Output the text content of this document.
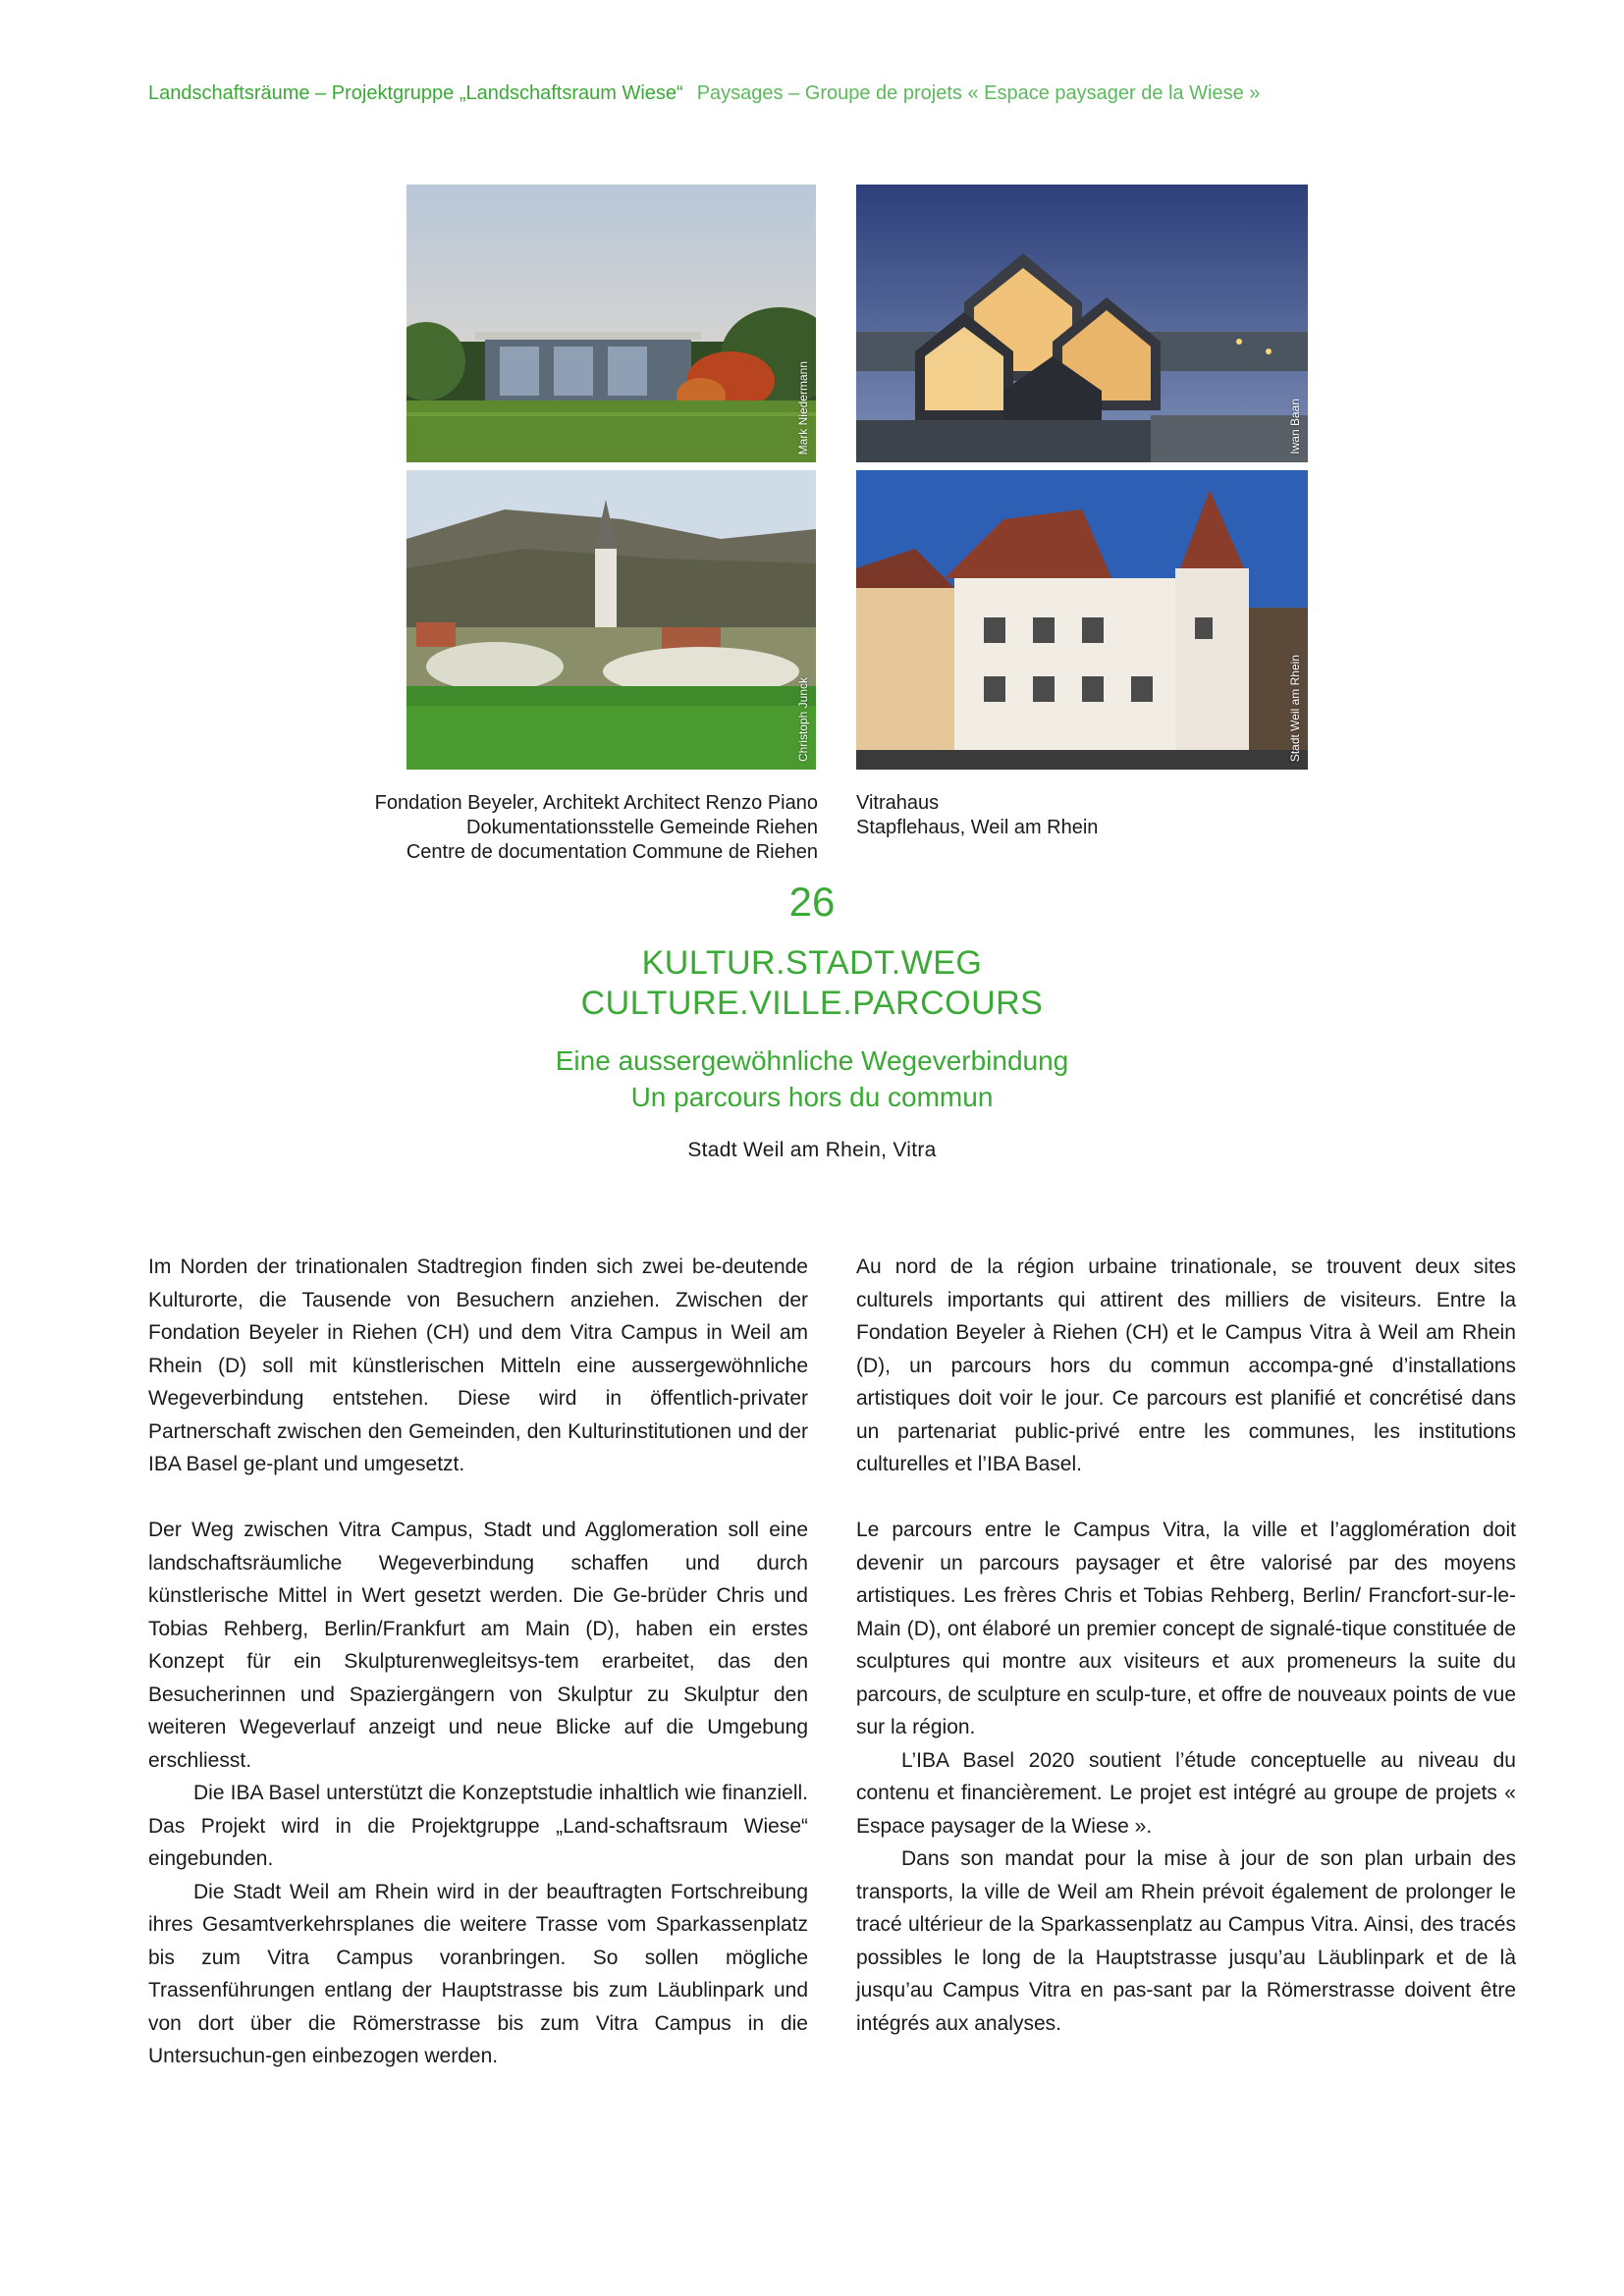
Landschaftsräume – Projektgruppe „Landschaftsraum Wiese“ Paysages – Groupe de projets « Espace paysager de la Wiese »
Mark Niedermann	Iwan Baan
Christoph Junck	Stadt Weil am Rhein
Fondation Beyeler, Architekt Architect Renzo Piano
Dokumentationsstelle Gemeinde Riehen
Centre de documentation Commune de Riehen
Vitrahaus
Stapflehaus, Weil am Rhein
26
KULTUR.STADT.WEG
CULTURE.VILLE.PARCOURS
Eine aussergewöhnliche Wegeverbindung
Un parcours hors du commun
Stadt Weil am Rhein, Vitra

Im Norden der trinationalen Stadtregion finden sich zwei be-deutende Kulturorte, die Tausende von Besuchern anziehen. Zwischen der Fondation Beyeler in Riehen (CH) und dem Vitra Campus in Weil am Rhein (D) soll mit künstlerischen Mitteln eine aussergewöhnliche Wegeverbindung entstehen. Diese wird in öffentlich-privater Partnerschaft zwischen den Gemeinden, den Kulturinstitutionen und der IBA Basel ge-plant und umgesetzt.

Der Weg zwischen Vitra Campus, Stadt und Agglomeration soll eine landschaftsräumliche Wegeverbindung schaffen und durch künstlerische Mittel in Wert gesetzt werden. Die Ge-brüder Chris und Tobias Rehberg, Berlin/Frankfurt am Main (D), haben ein erstes Konzept für ein Skulpturenwegleitsys-tem erarbeitet, das den Besucherinnen und Spaziergängern von Skulptur zu Skulptur den weiteren Wegeverlauf anzeigt und neue Blicke auf die Umgebung erschliesst.

Die IBA Basel unterstützt die Konzeptstudie inhaltlich wie finanziell. Das Projekt wird in die Projektgruppe „Land-schaftsraum Wiese“ eingebunden.

Die Stadt Weil am Rhein wird in der beauftragten Fortschreibung ihres Gesamtverkehrsplanes die weitere Trasse vom Sparkassenplatz bis zum Vitra Campus voranbringen. So sollen mögliche Trassenführungen entlang der Hauptstrasse bis zum Läublinpark und von dort über die Römerstrasse bis zum Vitra Campus in die Untersuchun-gen einbezogen werden.

Au nord de la région urbaine trinationale, se trouvent deux sites culturels importants qui attirent des milliers de visiteurs. Entre la Fondation Beyeler à Riehen (CH) et le Campus Vitra à Weil am Rhein (D), un parcours hors du commun accompa-gné d’installations artistiques doit voir le jour. Ce parcours est planifié et concrétisé dans un partenariat public-privé entre les communes, les institutions culturelles et l’IBA Basel.

Le parcours entre le Campus Vitra, la ville et l’agglomération doit devenir un parcours paysager et être valorisé par des moyens artistiques. Les frères Chris et Tobias Rehberg, Berlin/ Francfort-sur-le-Main (D), ont élaboré un premier concept de signalé-tique constituée de sculptures qui montre aux visiteurs et aux promeneurs la suite du parcours, de sculpture en sculp-ture, et offre de nouveaux points de vue sur la région.

L’IBA Basel 2020 soutient l’étude conceptuelle au niveau du contenu et financièrement. Le projet est intégré au groupe de projets « Espace paysager de la Wiese ».

Dans son mandat pour la mise à jour de son plan urbain des transports, la ville de Weil am Rhein prévoit également de prolonger le tracé ultérieur de la Sparkassenplatz au Campus Vitra. Ainsi, des tracés possibles le long de la Hauptstrasse jusqu’au Läublinpark et de là jusqu’au Campus Vitra en pas-sant par la Römerstrasse doivent être intégrés aux analyses.
